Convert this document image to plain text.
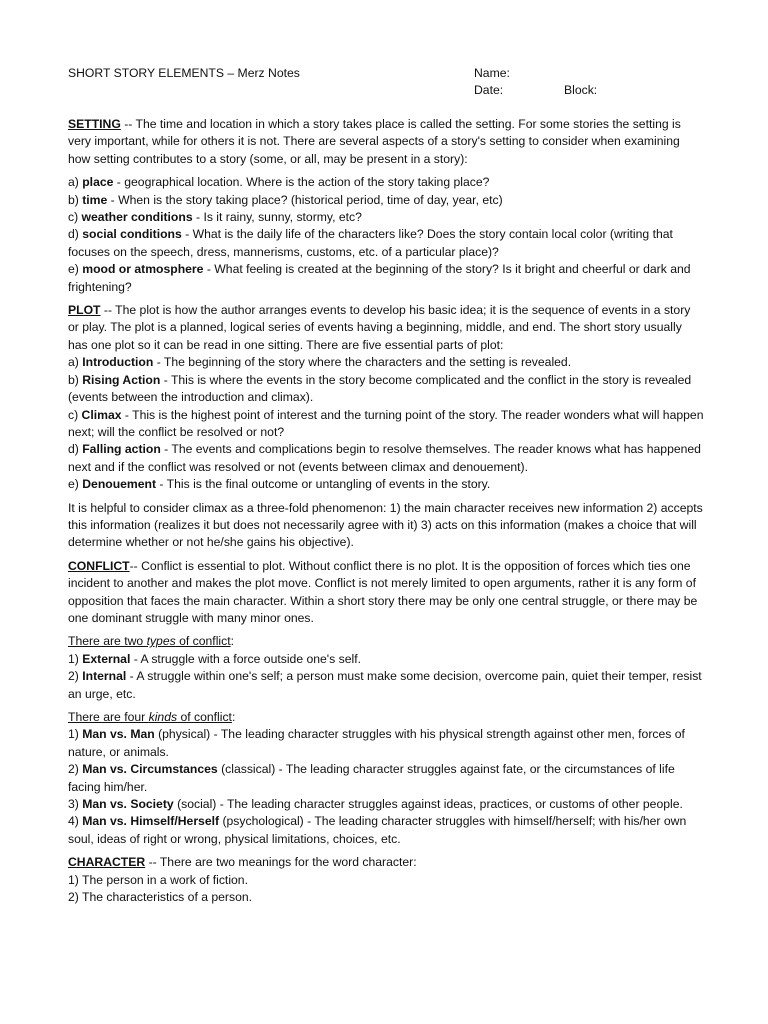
SHORT STORY ELEMENTS – Merz Notes	Name:
Date:	Block:

SETTING -- The time and location in which a story takes place is called the setting. For some stories the setting is very important, while for others it is not. There are several aspects of a story's setting to consider when examining how setting contributes to a story (some, or all, may be present in a story):

a) place - geographical location. Where is the action of the story taking place?

b) time - When is the story taking place? (historical period, time of day, year, etc)

c) weather conditions - Is it rainy, sunny, stormy, etc?

d) social conditions - What is the daily life of the characters like? Does the story contain local color (writing that focuses on the speech, dress, mannerisms, customs, etc. of a particular place)?

e) mood or atmosphere - What feeling is created at the beginning of the story? Is it bright and cheerful or dark and frightening?

PLOT -- The plot is how the author arranges events to develop his basic idea; it is the sequence of events in a story or play. The plot is a planned, logical series of events having a beginning, middle, and end. The short story usually has one plot so it can be read in one sitting. There are five essential parts of plot:

a) Introduction - The beginning of the story where the characters and the setting is revealed.

b) Rising Action - This is where the events in the story become complicated and the conflict in the story is revealed (events between the introduction and climax).

c) Climax - This is the highest point of interest and the turning point of the story. The reader wonders what will happen next; will the conflict be resolved or not?

d) Falling action - The events and complications begin to resolve themselves. The reader knows what has happened next and if the conflict was resolved or not (events between climax and denouement).

e) Denouement - This is the final outcome or untangling of events in the story.

It is helpful to consider climax as a three-fold phenomenon: 1) the main character receives new information 2) accepts this information (realizes it but does not necessarily agree with it) 3) acts on this information (makes a choice that will determine whether or not he/she gains his objective).

CONFLICT-- Conflict is essential to plot. Without conflict there is no plot. It is the opposition of forces which ties one incident to another and makes the plot move. Conflict is not merely limited to open arguments, rather it is any form of opposition that faces the main character. Within a short story there may be only one central struggle, or there may be one dominant struggle with many minor ones.

There are two types of conflict:

1) External - A struggle with a force outside one's self.

2) Internal - A struggle within one's self; a person must make some decision, overcome pain, quiet their temper, resist an urge, etc.

There are four kinds of conflict:

1) Man vs. Man (physical) - The leading character struggles with his physical strength against other men, forces of nature, or animals.

2) Man vs. Circumstances (classical) - The leading character struggles against fate, or the circumstances of life facing him/her.

3) Man vs. Society (social) - The leading character struggles against ideas, practices, or customs of other people.

4) Man vs. Himself/Herself (psychological) - The leading character struggles with himself/herself; with his/her own soul, ideas of right or wrong, physical limitations, choices, etc.

CHARACTER -- There are two meanings for the word character:

1) The person in a work of fiction.

2) The characteristics of a person.
